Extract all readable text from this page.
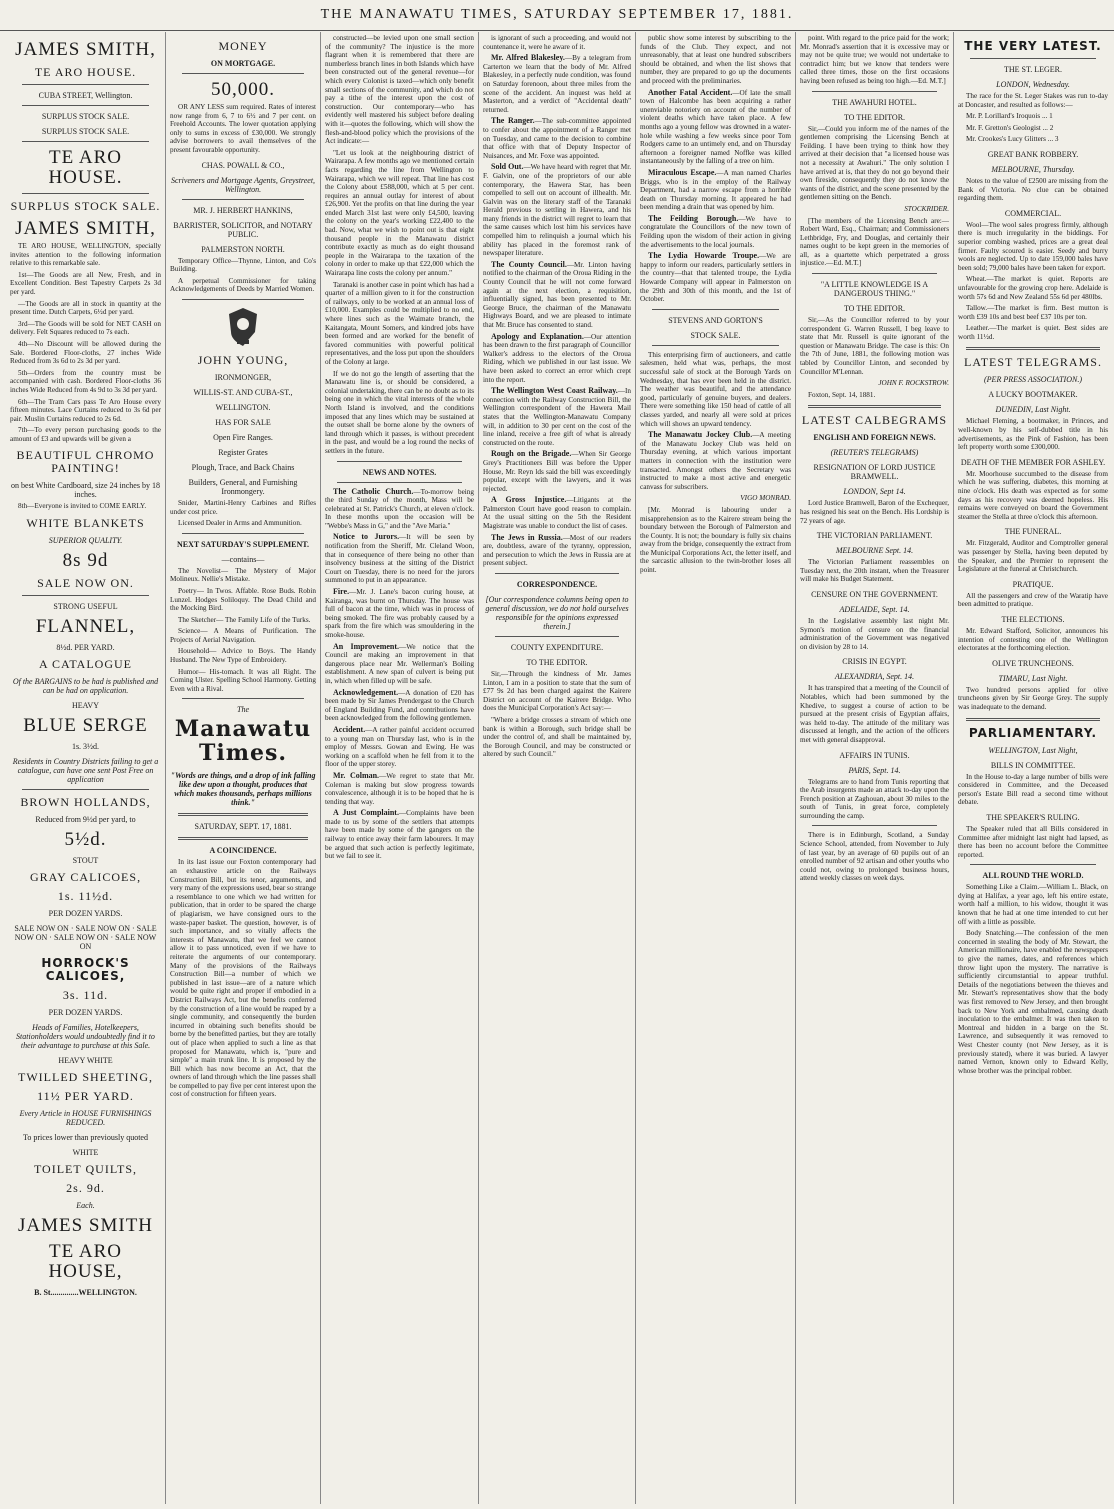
THE MANAWATU TIMES, SATURDAY SEPTEMBER 17, 1881.
JAMES SMITH,
TE ARO HOUSE.
CUBA STREET, Wellington.
SURPLUS STOCK SALE.
SURPLUS STOCK SALE.
TE ARO HOUSE.
SURPLUS STOCK SALE.
JAMES SMITH,

TE ARO HOUSE, WELLINGTON, specially invites attention to the following information relative to this remarkable sale.

1st—The Goods are all New, Fresh, and in Excellent Condition. Best Tapestry Carpets 2s 3d per yard.

—The Goods are all in stock in quantity at the present time. Dutch Carpets, 6½d per yard.

3rd—The Goods will be sold for NET CASH on delivery. Felt Squares reduced to 7s each.

4th—No Discount will be allowed during the Sale. Bordered Floor-cloths, 27 inches Wide Reduced from 3s 6d to 2s 3d per yard.

5th—Orders from the country must be accompanied with cash. Bordered Floor-cloths 36 inches Wide Reduced from 4s 9d to 3s 3d per yard.

6th—The Tram Cars pass Te Aro House every fifteen minutes. Lace Curtains reduced to 3s 6d per pair. Muslin Curtains reduced to 2s 6d.

7th—To every person purchasing goods to the amount of £3 and upwards will be given a

BEAUTIFUL CHROMO PAINTING!
on best White Cardboard, size 24 inches by 18 inches.

8th—Everyone is invited to COME EARLY.

WHITE BLANKETS
SUPERIOR QUALITY.
8s 9d
SALE NOW ON.
STRONG USEFUL
FLANNEL,
8½d. PER YARD.
A CATALOGUE
Of the BARGAINS to be had is published and can be had on application.
HEAVY
BLUE SERGE
1s. 3½d.
Residents in Country Districts failing to get a catalogue, can have one sent Post Free on application
BROWN HOLLANDS,
Reduced from 9½d per yard, to
5½d.
STOUT
GRAY CALICOES,
1s. 11½d.
PER DOZEN YARDS.
SALE NOW ON · SALE NOW ON · SALE NOW ON · SALE NOW ON · SALE NOW ON
HORROCK'S CALICOES,
3s. 11d.
PER DOZEN YARDS.
Heads of Families, Hotelkeepers, Stationholders would undoubtedly find it to their advantage to purchase at this Sale.
HEAVY WHITE
TWILLED SHEETING,
11½ PER YARD.
Every Article in HOUSE FURNISHINGS REDUCED.
To prices lower than previously quoted
WHITE
TOILET QUILTS,
2s. 9d.
Each.
JAMES SMITH
TE ARO HOUSE,
B. St..............WELLINGTON.
MONEY
ON MORTGAGE.
50,000.

OR ANY LESS sum required. Rates of interest now range from 6, 7 to 6½ and 7 per cent. on Freehold Accounts. The lower quotation applying only to sums in excess of £30,000. We strongly advise borrowers to avail themselves of the present favourable opportunity.

CHAS. POWALL & CO.,
Scriveners and Mortgage Agents, Greystreet, Wellington.
MR. J. HERBERT HANKINS,
BARRISTER, SOLICITOR, and NOTARY PUBLIC.
PALMERSTON NORTH.

Temporary Office—Thynne, Linton, and Co's Building.

A perpetual Commissioner for taking Acknowledgements of Deeds by Married Women.

JOHN YOUNG,
IRONMONGER,
WILLIS-ST. AND CUBA-ST.,
WELLINGTON.
HAS FOR SALE
Open Fire Ranges.
Register Grates
Plough, Trace, and Back Chains
Builders, General, and Furnishing Ironmongery.

Snider, Martini-Henry Carbines and Rifles under cost price.

Licensed Dealer in Arms and Ammunition.

NEXT SATURDAY'S SUPPLEMENT.
—contains—

The Novelist— The Mystery of Major Molineux. Nellie's Mistake.

Poetry— In Twos. Affable. Rose Buds. Robin Lunzel. Hodges Soliloquy. The Dead Child and the Mocking Bird.

The Sketcher— The Family Life of the Turks.

Science— A Means of Purification. The Projects of Aerial Navigation.

Household— Advice to Boys. The Handy Husband. The New Type of Embroidery.

Humor— His-tomach. It was all Right. The Coming Ulster. Spelling School Harmony. Getting Even with a Rival.

The
Manawatu Times.
"Words are things, and a drop of ink falling like dew upon a thought, produces that which makes thousands, perhaps millions think."
SATURDAY, SEPT. 17, 1881.
A COINCIDENCE.

In its last issue our Foxton contemporary had an exhaustive article on the Railways Construction Bill, but its tenor, arguments, and very many of the expressions used, bear so strange a resemblance to one which we had written for publication, that in order to be spared the charge of plagiarism, we have consigned ours to the waste-paper basket. The question, however, is of such importance, and so vitally affects the interests of Manawatu, that we feel we cannot allow it to pass unnoticed, even if we have to reiterate the arguments of our contemporary. Many of the provisions of the Railways Construction Bill—a number of which we published in last issue—are of a nature which would be quite right and proper if embodied in a District Railways Act, but the benefits conferred by the construction of a line would be reaped by a single community, and consequently the burden incurred in obtaining such benefits should be borne by the benefitted parties, but they are totally out of place when applied to such a line as that proposed for Manawatu, which is, "pure and simple" a main trunk line. It is proposed by the Bill which has now become an Act, that the owners of land through which the line passes shall be compelled to pay five per cent interest upon the cost of construction for fifteen years.

constructed—be levied upon one small section of the community? The injustice is the more flagrant when it is remembered that there are numberless branch lines in both Islands which have been constructed out of the general revenue—for which every Colonist is taxed—which only benefit small sections of the community, and which do not pay a tithe of the interest upon the cost of construction. Our contemporary—who has evidently well mastered his subject before dealing with it—quotes the following, which will show the flesh-and-blood policy which the provisions of the Act indicate:—

"Let us look at the neighbouring district of Wairarapa. A few months ago we mentioned certain facts regarding the line from Wellington to Wairarapa, which we will repeat. That line has cost the Colony about £588,000, which at 5 per cent. requires an annual outlay for interest of about £26,900. Yet the profits on that line during the year ended March 31st last were only £4,500, leaving the colony on the year's working £22,400 to the bad. Now, what we wish to point out is that eight thousand people in the Manawatu district contribute exactly as much as do eight thousand people in the Wairarapa to the taxation of the colony in order to make up that £22,000 which the Wairarapa line costs the colony per annum."

Taranaki is another case in point which has had a quarter of a million given to it for the construction of railways, only to be worked at an annual loss of £10,000. Examples could be multiplied to no end, where lines such as the Waimate branch, the Kaitangata, Mount Somers, and kindred jobs have been formed and are worked for the benefit of favored communities with powerful political representatives, and the loss put upon the shoulders of the Colony at large.

If we do not go the length of asserting that the Manawatu line is, or should be considered, a colonial undertaking, there can be no doubt as to its being one in which the vital interests of the whole North Island is involved, and the conditions imposed that any lines which may be sustained at the outset shall be borne alone by the owners of land through which it passes, is without precedent in the past, and would be a log round the necks of settlers in the future.

NEWS AND NOTES.

The Catholic Church.—To-morrow being the third Sunday of the month, Mass will be celebrated at St. Patrick's Church, at eleven o'clock. In these months upon the occasion will be "Webbe's Mass in G," and the "Ave Maria."

Notice to Jurors.—It will be seen by notification from the Sheriff, Mr. Cleland Woon, that in consequence of there being no other than insolvency business at the sitting of the District Court on Tuesday, there is no need for the jurors summoned to put in an appearance.

Fire.—Mr. J. Lane's bacon curing house, at Kairanga, was burnt on Thursday. The house was full of bacon at the time, which was in process of being smoked. The fire was probably caused by a spark from the fire which was smouldering in the smoke-house.

An Improvement.—We notice that the Council are making an improvement in that dangerous place near Mr. Wellerman's Boiling establishment. A new span of culvert is being put in, which when filled up will be safe.

Acknowledgement.—A donation of £20 has been made by Sir James Prendergast to the Church of England Building Fund, and contributions have been acknowledged from the following gentlemen.

Accident.—A rather painful accident occurred to a young man on Thursday last, who is in the employ of Messrs. Gowan and Ewing. He was working on a scaffold when he fell from it to the floor of the upper storey.

Mr. Colman.—We regret to state that Mr. Coleman is making but slow progress towards convalescence, although it is to be hoped that he is tending that way.

A Just Complaint.—Complaints have been made to us by some of the settlers that attempts have been made by some of the gangers on the railway to entice away their farm labourers. It may be argued that such action is perfectly legitimate, but we fail to see it.

is ignorant of such a proceeding, and would not countenance it, were he aware of it.

Mr. Alfred Blakesley.—By a telegram from Carterton we learn that the body of Mr. Alfred Blakesley, in a perfectly nude condition, was found on Saturday forenoon, about three miles from the scene of the accident. An inquest was held at Masterton, and a verdict of "Accidental death" returned.

The Ranger.—The sub-committee appointed to confer about the appointment of a Ranger met on Tuesday, and came to the decision to combine that office with that of Deputy Inspector of Nuisances, and Mr. Foxe was appointed.

Sold Out.—We have heard with regret that Mr. F. Galvin, one of the proprietors of our able contemporary, the Hawera Star, has been compelled to sell out on account of illhealth. Mr. Galvin was on the literary staff of the Taranaki Herald previous to settling in Hawera, and his many friends in the district will regret to learn that the same causes which lost him his services have compelled him to relinquish a journal which his ability has placed in the foremost rank of newspaper literature.

The County Council.—Mr. Linton having notified to the chairman of the Oroua Riding in the County Council that he will not come forward again at the next election, a requisition, influentially signed, has been presented to Mr. George Bruce, the chairman of the Manawatu Highways Board, and we are pleased to intimate that Mr. Bruce has consented to stand.

Apology and Explanation.—Our attention has been drawn to the first paragraph of Councillor Walker's address to the electors of the Oroua Riding, which we published in our last issue. We have been asked to correct an error which crept into the report.

The Wellington West Coast Railway.—In connection with the Railway Construction Bill, the Wellington correspondent of the Hawera Mail states that the Wellington-Manawatu Company will, in addition to 30 per cent on the cost of the line inland, receive a free gift of what is already constructed on the route.

Rough on the Brigade.—When Sir George Grey's Practitioners Bill was before the Upper House, Mr. Reyn lds said the bill was exceedingly popular, except with the lawyers, and it was rejected.

A Gross Injustice.—Litigants at the Palmerston Court have good reason to complain. At the usual sitting on the 5th the Resident Magistrate was unable to conduct the list of cases.

The Jews in Russia.—Most of our readers are, doubtless, aware of the tyranny, oppression, and persecution to which the Jews in Russia are at present subject.

CORRESPONDENCE.
[Our correspondence columns being open to general discussion, we do not hold ourselves responsible for the opinions expressed therein.]
COUNTY EXPENDITURE.
TO THE EDITOR.

Sir,—Through the kindness of Mr. James Linton, I am in a position to state that the sum of £77 9s 2d has been charged against the Kairere District on account of the Kairere Bridge. Who does the Municipal Corporation's Act say:—

"Where a bridge crosses a stream of which one bank is within a Borough, such bridge shall be under the control of, and shall be maintained by, the Borough Council, and may be constructed or altered by such Council."

public show some interest by subscribing to the funds of the Club. They expect, and not unreasonably, that at least one hundred subscribers should be obtained, and when the list shows that number, they are prepared to go up the documents and proceed with the preliminaries.

Another Fatal Accident.—Of late the small town of Halcombe has been acquiring a rather unenviable notoriety on account of the number of violent deaths which have taken place. A few months ago a young fellow was drowned in a water-hole while washing a few weeks since poor Tom Rodgers came to an untimely end, and on Thursday afternoon a foreigner named Noffke was killed instantaneously by the falling of a tree on him.

Miraculous Escape.—A man named Charles Briggs, who is in the employ of the Railway Department, had a narrow escape from a horrible death on Thursday morning. It appeared he had been mending a drain that was opened by him.

The Feilding Borough.—We have to congratulate the Councillors of the new town of Feilding upon the wisdom of their action in giving the advertisements to the local journals.

The Lydia Howarde Troupe.—We are happy to inform our readers, particularly settlers in the country—that that talented troupe, the Lydia Howarde Company will appear in Palmerston on the 29th and 30th of this month, and the 1st of October.

STEVENS AND GORTON'S
STOCK SALE.

This enterprising firm of auctioneers, and cattle salesmen, held what was, perhaps, the most successful sale of stock at the Borough Yards on Wednesday, that has ever been held in the district. The weather was beautiful, and the attendance good, particularly of genuine buyers, and dealers. There were something like 150 head of cattle of all classes yarded, and nearly all were sold at prices which will shows an upward tendency.

The Manawatu Jockey Club.—A meeting of the Manawatu Jockey Club was held on Thursday evening, at which various important matters in connection with the institution were transacted. Amongst others the Secretary was instructed to make a most active and energetic canvass for subscribers.

VIGO MONRAD.

[Mr. Monrad is labouring under a misapprehension as to the Kairere stream being the boundary between the Borough of Palmerston and the County. It is not; the boundary is fully six chains away from the bridge, consequently the extract from the Municipal Corporations Act, the letter itself, and the sarcastic allusion to the twin-brother loses all point.

point. With regard to the price paid for the work; Mr. Monrad's assertion that it is excessive may or may not be quite true; we would not undertake to contradict him; but we know that tenders were called three times, those on the first occasions having been refused as being too high.—Ed. M.T.]

THE AWAHURI HOTEL.
TO THE EDITOR.

Sir,—Could you inform me of the names of the gentlemen comprising the Licensing Bench at Feilding. I have been trying to think how they arrived at their decision that "a licensed house was not a necessity at Awahuri." The only solution I have arrived at is, that they do not go beyond their own fireside, consequently they do not know the wants of the district, and the scene presented by the gentlemen sitting on the Bench.

STOCKRIDER.

[The members of the Licensing Bench are:—Robert Ward, Esq., Chairman; and Commissioners Lethbridge, Fry, and Douglas, and certainly their names ought to be kept green in the memories of all, as a quartette which perpetrated a gross injustice.—Ed. M.T.]

"A LITTLE KNOWLEDGE IS A DANGEROUS THING."
TO THE EDITOR.

Sir,—As the Councillor referred to by your correspondent G. Warren Russell, I beg leave to state that Mr. Russell is quite ignorant of the question or Manawatu Bridge. The case is this: On the 7th of June, 1881, the following motion was tabled by Councillor Linton, and seconded by Councillor M'Lennan.

JOHN F. ROCKSTROW.

Foxton, Sept. 14, 1881.

LATEST CALBEGRAMS
ENGLISH AND FOREIGN NEWS.
(REUTER'S TELEGRAMS)
RESIGNATION OF LORD JUSTICE BRAMWELL.
LONDON, Sept 14.

Lord Justice Bramwell, Baron of the Exchequer, has resigned his seat on the Bench. His Lordship is 72 years of age.

THE VICTORIAN PARLIAMENT.
MELBOURNE Sept. 14.

The Victorian Parliament reassembles on Tuesday next, the 20th instant, when the Treasurer will make his Budget Statement.

CENSURE ON THE GOVERNMENT.
ADELAIDE, Sept. 14.

In the Legislative assembly last night Mr. Symon's motion of censure on the financial administration of the Government was negatived on division by 28 to 14.

CRISIS IN EGYPT.
ALEXANDRIA, Sept. 14.

It has transpired that a meeting of the Council of Notables, which had been summoned by the Khedive, to suggest a course of action to be pursued at the present crisis of Egyptian affairs, was held to-day. The attitude of the military was discussed at length, and the action of the officers met with general disapproval.

AFFAIRS IN TUNIS.
PARIS, Sept. 14.

Telegrams are to hand from Tunis reporting that the Arab insurgents made an attack to-day upon the French position at Zaghouan, about 30 miles to the south of Tunis, in great force, completely surrounding the camp.

There is in Edinburgh, Scotland, a Sunday Science School, attended, from November to July of last year, by an average of 60 pupils out of an enrolled number of 92 artisan and other youths who could not, owing to prolonged business hours, attend weekly classes on week days.

THE VERY LATEST.
THE ST. LEGER.
LONDON, Wednesday.

The race for the St. Leger Stakes was run to-day at Doncaster, and resulted as follows:—

Mr. P. Lorillard's Iroquois ... 1

Mr. F. Gretton's Geologist ... 2

Mr. Crookes's Lucy Glitters ... 3

GREAT BANK ROBBERY.
MELBOURNE, Thursday.

Notes to the value of £2500 are missing from the Bank of Victoria. No clue can be obtained regarding them.

COMMERCIAL.

Wool—The wool sales progress firmly, although there is much irregularity in the biddings. For superior combing washed, prices are a great deal firmer. Faulty scoured is easier. Seedy and burry wools are neglected. Up to date 159,000 bales have been sold; 79,000 bales have been taken for export.

Wheat.—The market is quiet. Reports are unfavourable for the growing crop here. Adelaide is worth 57s 6d and New Zealand 55s 6d per 480lbs.

Tallow.—The market is firm. Best mutton is worth £39 10s and best beef £37 10s per ton.

Leather.—The market is quiet. Best sides are worth 11½d.

LATEST TELEGRAMS.
(PER PRESS ASSOCIATION.)
A LUCKY BOOTMAKER.
DUNEDIN, Last Night.

Michael Fleming, a bootmaker, in Princes, and well-known by his self-dubbed title in his advertisements, as the Pink of Fashion, has been left property worth some £300,000.

DEATH OF THE MEMBER FOR ASHLEY.

Mr. Moorhouse succumbed to the disease from which he was suffering, diabetes, this morning at nine o'clock. His death was expected as for some days as his recovery was deemed hopeless. His remains were conveyed on board the Government steamer the Stella at three o'clock this afternoon.

THE FUNERAL.

Mr. Fitzgerald, Auditor and Comptroller general was passenger by Stella, having been deputed by the Speaker, and the Premier to represent the Legislature at the funeral at Christchurch.

PRATIQUE.

All the passengers and crew of the Waratip have been admitted to pratique.

THE ELECTIONS.

Mr. Edward Stafford, Solicitor, announces his intention of contesting one of the Wellington electorates at the forthcoming election.

OLIVE TRUNCHEONS.
TIMARU, Last Night.

Two hundred persons applied for olive truncheons given by Sir George Grey. The supply was inadequate to the demand.

PARLIAMENTARY.
WELLINGTON, Last Night,
BILLS IN COMMITTEE.

In the House to-day a large number of bills were considered in Committee, and the Deceased person's Estate Bill read a second time without debate.

THE SPEAKER'S RULING.

The Speaker ruled that all Bills considered in Committee after midnight last night had lapsed, as there has been no account before the Committee reported.

ALL ROUND THE WORLD.

Something Like a Claim.—William L. Black, on dying at Halifax, a year ago, left his entire estate, worth half a million, to his widow, thought it was known that he had at one time intended to cut her off with a little as possible.

Body Snatching.—The confession of the men concerned in stealing the body of Mr. Stewart, the American millionaire, have enabled the newspapers to give the names, dates, and references which throw light upon the mystery. The narrative is sufficiently circumstantial to appear truthful. Details of the negotiations between the thieves and Mr. Stewart's representatives show that the body was first removed to New Jersey, and then brought back to New York and embalmed, causing death inoculation to the embalmer. It was then taken to Montreal and hidden in a barge on the St. Lawrence, and subsequently it was removed to West Chester county (not New Jersey, as it is previously stated), where it was buried. A lawyer named Vernon, known only to Edward Kelly, whose brother was the principal robber.
